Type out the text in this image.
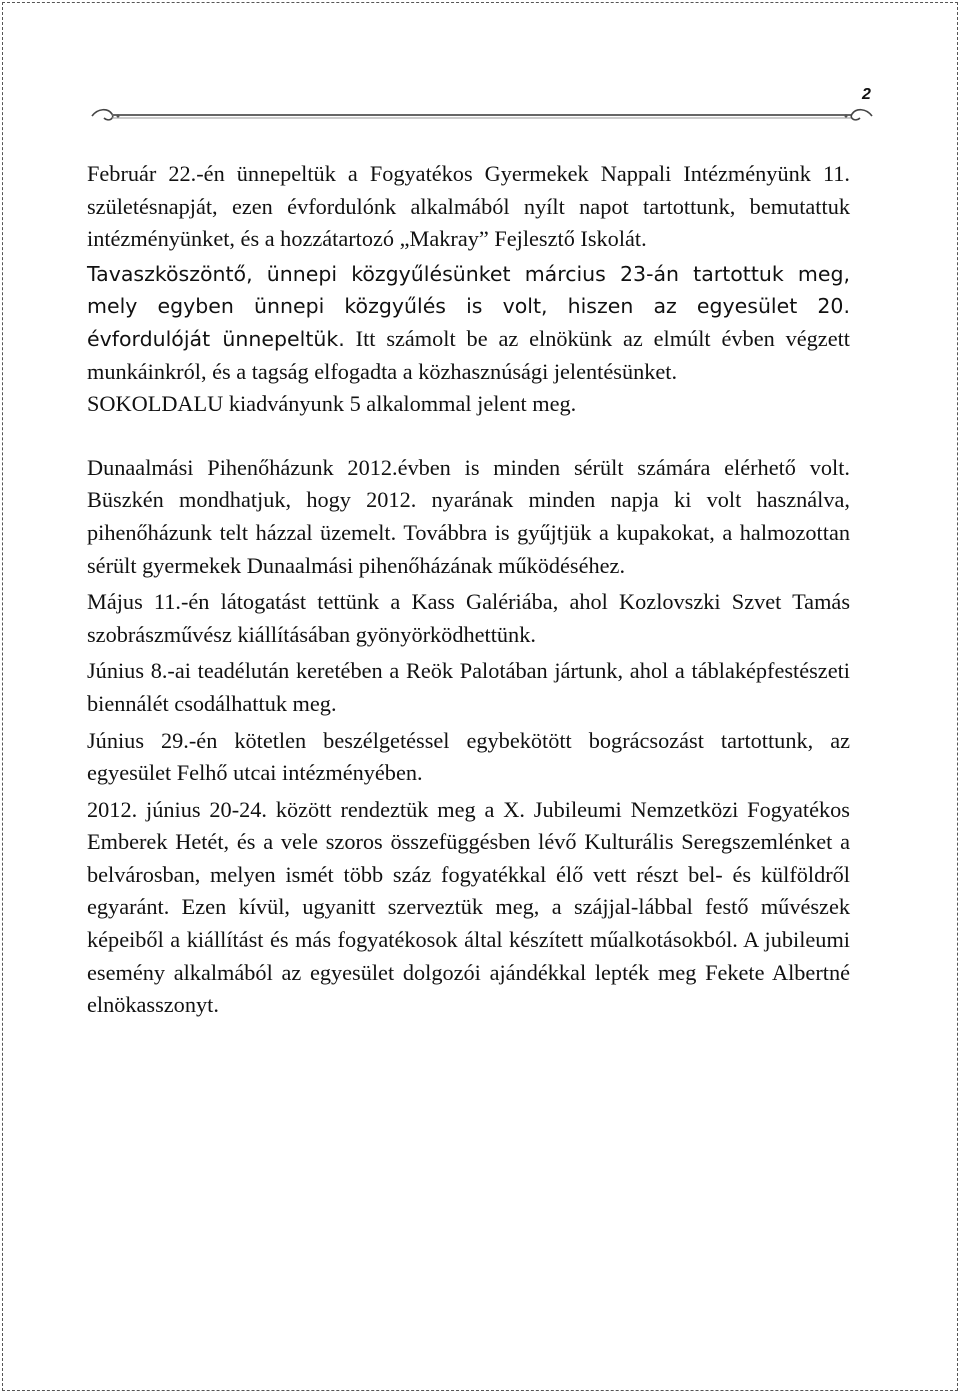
2

Február 22.-én ünnepeltük a Fogyatékos Gyermekek Nappali Intézményünk 11. születésnapját, ezen évfordulónk alkalmából nyílt napot tartottunk, bemutattuk intézményünket, és a hozzátartozó „Makray” Fejlesztő Iskolát.

Tavaszköszöntő, ünnepi közgyűlésünket március 23-án tartottuk meg, mely egyben ünnepi közgyűlés is volt, hiszen az egyesület 20. évfordulóját ünnepeltük. Itt számolt be az elnökünk az elmúlt évben végzett munkáinkról, és a tagság elfogadta a közhasznúsági jelentésünket.

SOKOLDALU kiadványunk 5 alkalommal jelent meg.

Dunaalmási Pihenőházunk 2012.évben is minden sérült számára elérhető volt. Büszkén mondhatjuk, hogy 2012. nyarának minden napja ki volt használva, pihenőházunk telt házzal üzemelt. Továbbra is gyűjtjük a kupakokat, a halmozottan sérült gyermekek Dunaalmási pihenőházának működéséhez.

Május 11.-én látogatást tettünk a Kass Galériába, ahol Kozlovszki Szvet Tamás szobrászművész kiállításában gyönyörködhettünk.

Június 8.-ai teadélután keretében a Reök Palotában jártunk, ahol a táblaképfestészeti biennálét csodálhattuk meg.

Június 29.-én kötetlen beszélgetéssel egybekötött bográcsozást tartottunk, az egyesület Felhő utcai intézményében.

2012. június 20-24. között rendeztük meg a X. Jubileumi Nemzetközi Fogyatékos Emberek Hetét, és a vele szoros összefüggésben lévő Kulturális Seregszemlénket a belvárosban, melyen ismét több száz fogyatékkal élő vett részt bel- és külföldről egyaránt. Ezen kívül, ugyanitt szerveztük meg, a szájjal-lábbal festő művészek képeiből a kiállítást és más fogyatékosok által készített műalkotásokból. A jubileumi esemény alkalmából az egyesület dolgozói ajándékkal lepték meg Fekete Albertné elnökasszonyt.
